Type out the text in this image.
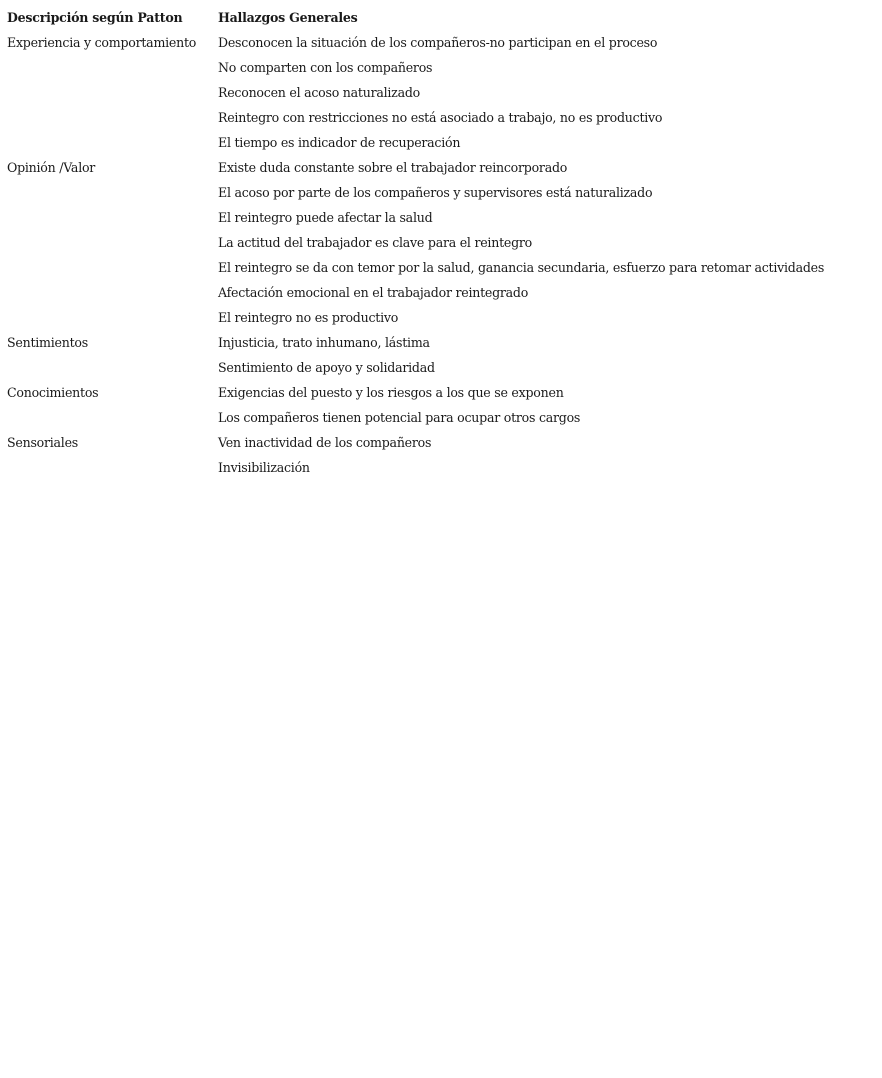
Descripción según Patton	Hallazgos Generales
Experiencia y comportamiento	Desconocen la situación de los compañeros-no participan en el proceso
	No comparten con los compañeros
	Reconocen el acoso naturalizado
	Reintegro con restricciones no está asociado a trabajo, no es productivo
	El tiempo es indicador de recuperación
Opinión /Valor	Existe duda constante sobre el trabajador reincorporado
	El acoso por parte de los compañeros y supervisores está naturalizado
	El reintegro puede afectar la salud
	La actitud del trabajador es clave para el reintegro
	El reintegro se da con temor por la salud, ganancia secundaria, esfuerzo para retomar actividades
	Afectación emocional en el trabajador reintegrado
	El reintegro no es productivo
Sentimientos	Injusticia, trato inhumano, lástima
	Sentimiento de apoyo y solidaridad
Conocimientos	Exigencias del puesto y los riesgos a los que se exponen
	Los compañeros tienen potencial para ocupar otros cargos
Sensoriales	Ven inactividad de los compañeros
	Invisibilización
